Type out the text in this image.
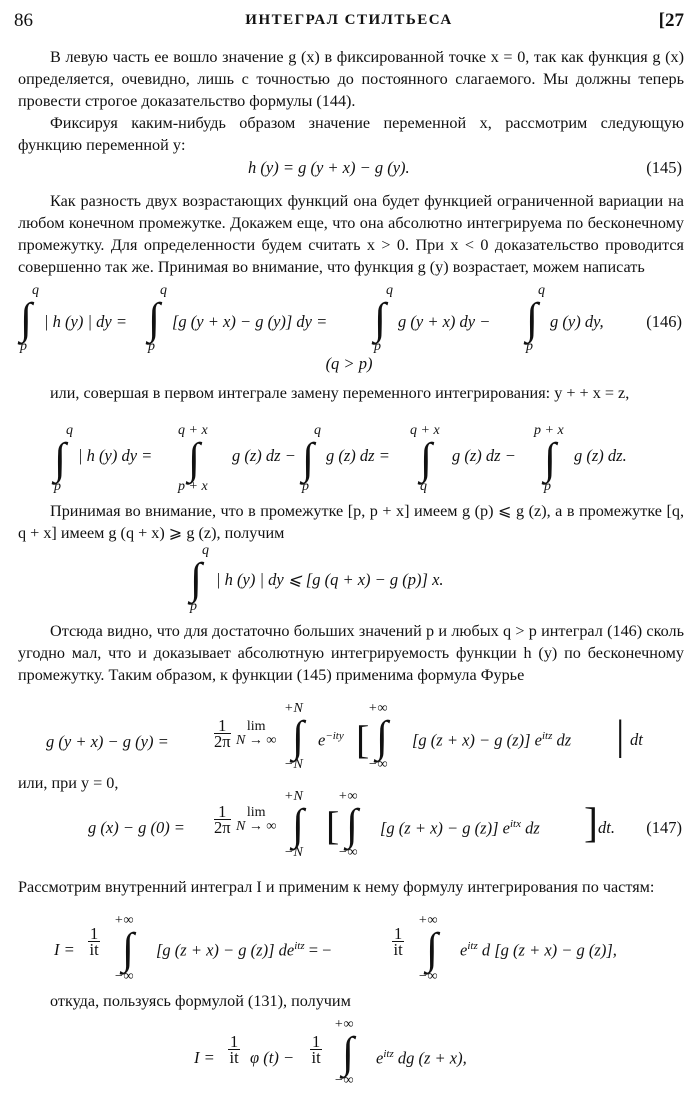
86	ИНТЕГРАЛ СТИЛТЬЕСА	[27

В левую часть ее вошло значение g (x) в фиксированной точке x = 0, так как функция g (x) определяется, очевидно, лишь с точностью до постоянного слагаемого. Мы должны теперь провести строгое доказательство формулы (144).

Фиксируя каким-нибудь образом значение переменной x, рассмотрим следующую функцию переменной y:

h (y) = g (y + x) − g (y).	(145)

Как разность двух возрастающих функций она будет функцией ограниченной вариации на любом конечном промежутке. Докажем еще, что она абсолютно интегрируема по бесконечному промежутку. Для определенности будем считать x > 0. При x < 0 доказательство проводится совершенно так же. Принимая во внимание, что функция g (y) возрастает, можем написать

q
∫
p
| h (y) | dy =
q
∫
p
[g (y + x) − g (y)] dy =
q
∫
p
g (y + x) dy −
q
∫
p
g (y) dy,	(146)
(q > p)

или, совершая в первом интеграле замену переменного интегрирования: y + + x = z,

q
∫
p
| h (y) dy =
q + x
∫
p + x
g (z) dz −
q
∫
p
g (z) dz =
q + x
∫
q
g (z) dz −
p + x
∫
p
g (z) dz.

Принимая во внимание, что в промежутке [p, p + x] имеем g (p) ⩽ g (z), а в промежутке [q, q + x] имеем g (q + x) ⩾ g (z), получим

q
∫
p
| h (y) | dy ⩽ [g (q + x) − g (p)] x.

Отсюда видно, что для достаточно больших значений p и любых q > p интеграл (146) сколь угодно мал, что и доказывает абсолютную интегрируемость функции h (y) по бесконечному промежутку. Таким образом, к функции (145) применима формула Фурье

g (y + x) − g (y) =	$\frac{1}{2\pi}$	lim
N → ∞
+N
∫
−N
$e^{-ity}$ [
+∞
∫
−∞
[g (z + x) − g (z)] $e^{itz}$ dz | dt

или, при y = 0,

g (x) − g $(0) = \frac{1}{2\pi}$	lim
N → ∞
+N
∫
−N
[
+∞
∫
−∞
[g (z + x) − g (z)] $e^{itx}$ dz ] dt. (147)

Рассмотрим внутренний интеграл I и применим к нему формулу интегрирования по частям:

$I = \frac{1}{it}$
+∞
∫
−∞
[g (z + x) − g (z)] $de^{itz}$ = −	$\frac{1}{it}$
+∞
∫
−∞
$e^{itz}$ d [g (z + x) − g (z)],

откуда, пользуясь формулой (131), получим

$I = \frac{1}{it}$ φ $(t) - \frac{1}{it}$
+∞
∫
−∞
$e^{itz}$ dg (z + x),
